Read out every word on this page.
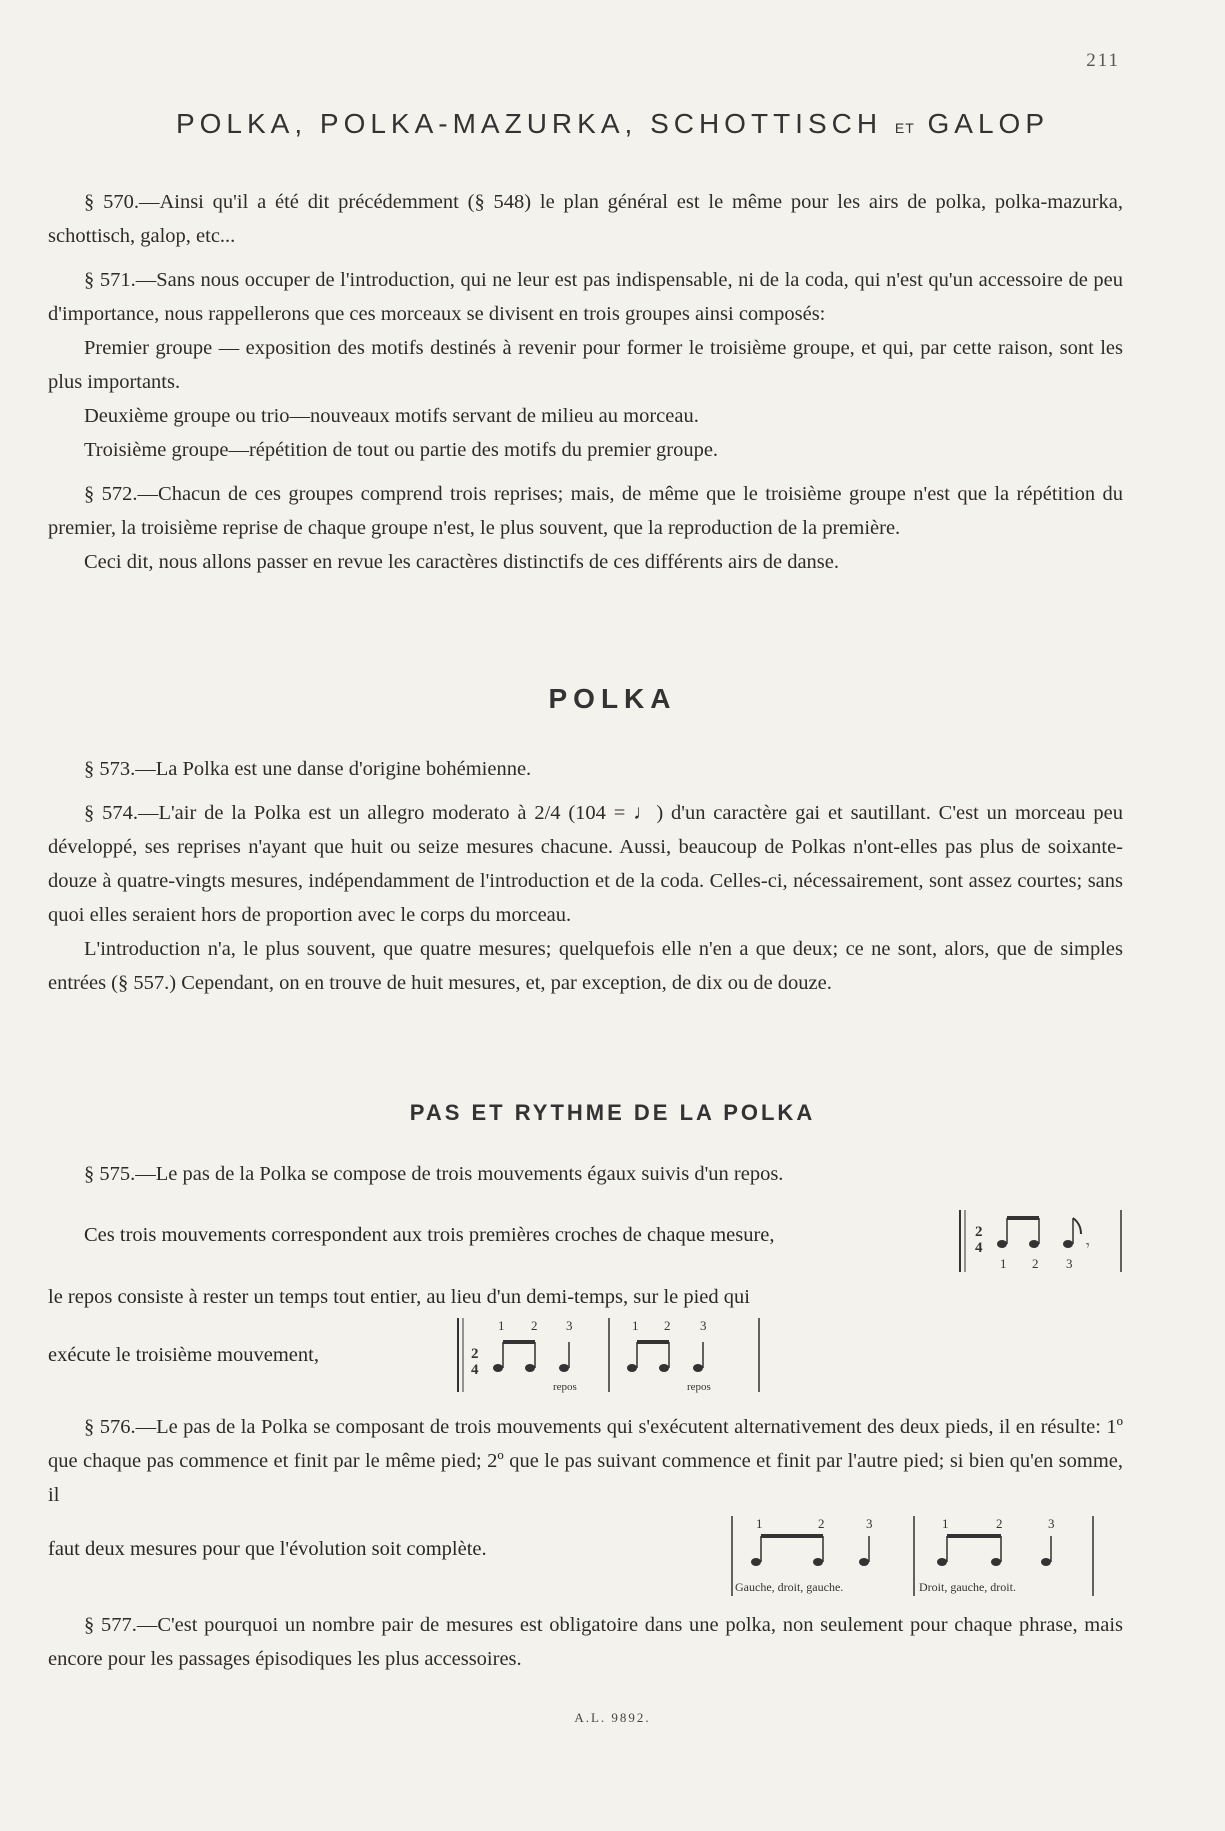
211
POLKA, POLKA-MAZURKA, SCHOTTISCH ET GALOP

§ 570.—Ainsi qu'il a été dit précédemment (§ 548) le plan général est le même pour les airs de polka, polka-mazurka, schottisch, galop, etc...

§ 571.—Sans nous occuper de l'introduction, qui ne leur est pas indispensable, ni de la coda, qui n'est qu'un accessoire de peu d'importance, nous rappellerons que ces morceaux se divisent en trois groupes ainsi composés:

Premier groupe — exposition des motifs destinés à revenir pour former le troisième groupe, et qui, par cette raison, sont les plus importants.

Deuxième groupe ou trio—nouveaux motifs servant de milieu au morceau.

Troisième groupe—répétition de tout ou partie des motifs du premier groupe.

§ 572.—Chacun de ces groupes comprend trois reprises; mais, de même que le troisième groupe n'est que la répétition du premier, la troisième reprise de chaque groupe n'est, le plus souvent, que la reproduction de la première.

Ceci dit, nous allons passer en revue les caractères distinctifs de ces différents airs de danse.

POLKA

§ 573.—La Polka est une danse d'origine bohémienne.

§ 574.—L'air de la Polka est un allegro moderato à 2/4 (104 = ♩) d'un caractère gai et sautillant. C'est un morceau peu développé, ses reprises n'ayant que huit ou seize mesures chacune. Aussi, beaucoup de Polkas n'ont-elles pas plus de soixante-douze à quatre-vingts mesures, indépendamment de l'introduction et de la coda. Celles-ci, nécessairement, sont assez courtes; sans quoi elles seraient hors de proportion avec le corps du morceau.

L'introduction n'a, le plus souvent, que quatre mesures; quelquefois elle n'en a que deux; ce ne sont, alors, que de simples entrées (§ 557.) Cependant, on en trouve de huit mesures, et, par exception, de dix ou de douze.

PAS ET RYTHME DE LA POLKA

§ 575.—Le pas de la Polka se compose de trois mouvements égaux suivis d'un repos.

Ces trois mouvements correspondent aux trois premières croches de chaque mesure,	2
4	𝄾
1 2 3
le repos consiste à rester un temps tout entier, au lieu d'un demi-temps, sur le pied qui
exécute le troisième mouvement,	2
4
1 2 3
repos
1 2 3
repos

§ 576.—Le pas de la Polka se composant de trois mouvements qui s'exécutent alternativement des deux pieds, il en résulte: 1º que chaque pas commence et finit par le même pied; 2º que le pas suivant commence et finit par l'autre pied; si bien qu'en somme, il

faut deux mesures pour que l'évolution soit complète.
1	2	3	1	2	3
Gauche, droit, gauche.	Droit, gauche, droit.

§ 577.—C'est pourquoi un nombre pair de mesures est obligatoire dans une polka, non seulement pour chaque phrase, mais encore pour les passages épisodiques les plus accessoires.

A.L. 9892.
